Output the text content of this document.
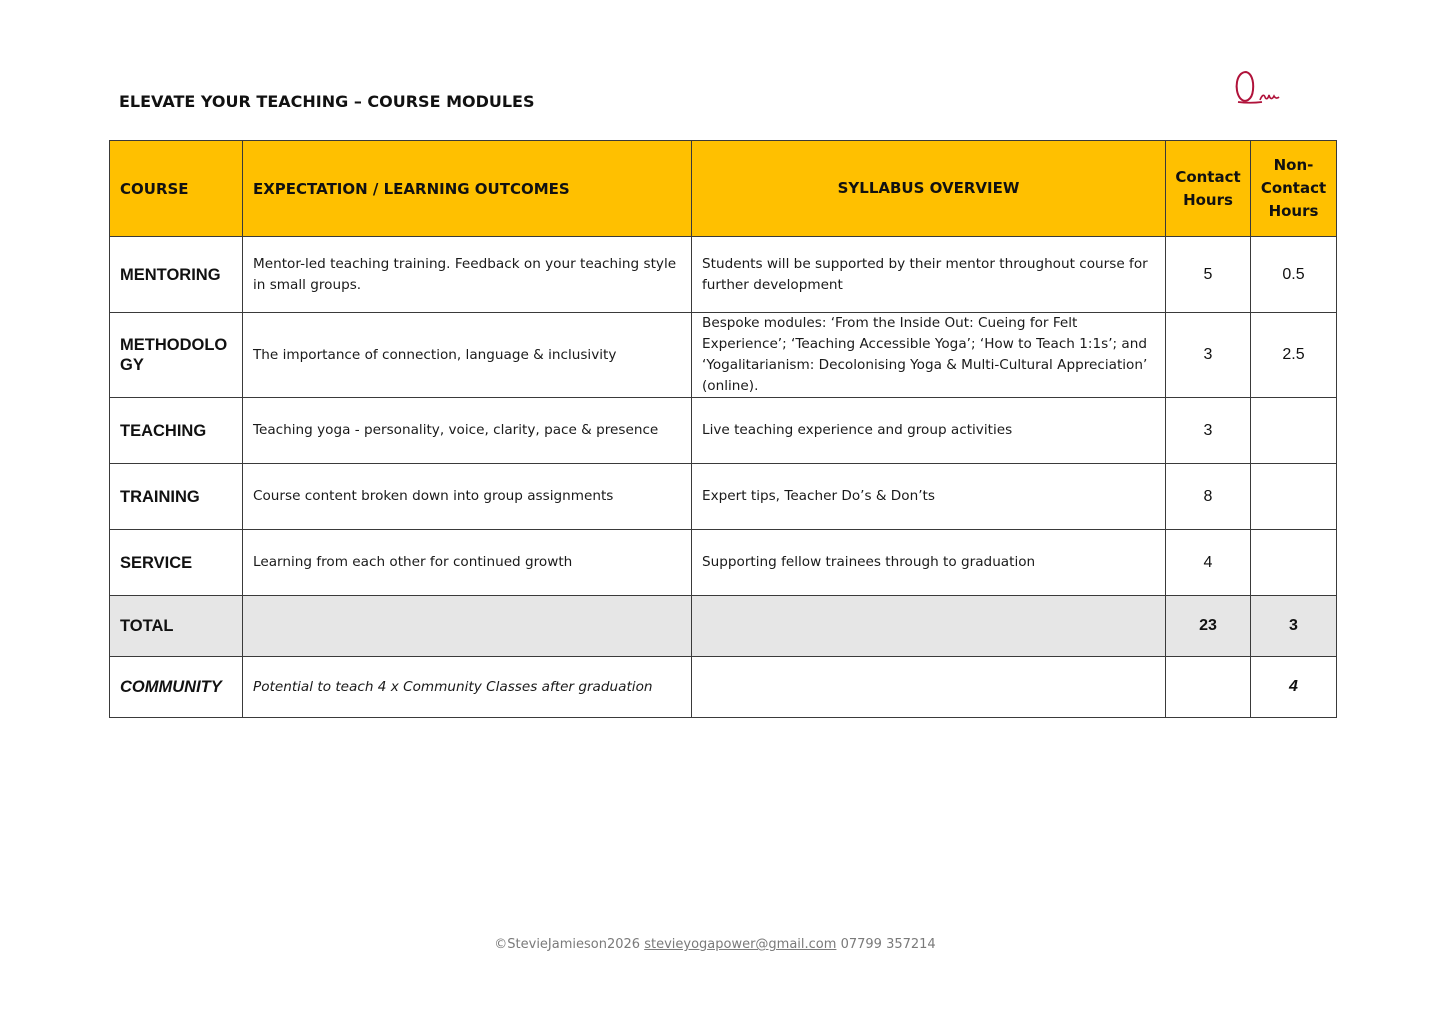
ELEVATE YOUR TEACHING – COURSE MODULES
COURSE	EXPECTATION / LEARNING OUTCOMES	SYLLABUS OVERVIEW	Contact Hours	Non-Contact Hours
MENTORING	Mentor-led teaching training. Feedback on your teaching style in small groups.	Students will be supported by their mentor throughout course for further development	5	0.5
METHODOLOGY	The importance of connection, language & inclusivity	Bespoke modules: ‘From the Inside Out: Cueing for Felt Experience’; ‘Teaching Accessible Yoga’; ‘How to Teach 1:1s’; and ‘Yogalitarianism: Decolonising Yoga & Multi-Cultural Appreciation’ (online).	3	2.5
TEACHING	Teaching yoga - personality, voice, clarity, pace & presence	Live teaching experience and group activities	3	
TRAINING	Course content broken down into group assignments	Expert tips, Teacher Do’s & Don’ts	8	
SERVICE	Learning from each other for continued growth	Supporting fellow trainees through to graduation	4	
TOTAL			23	3
COMMUNITY	Potential to teach 4 x Community Classes after graduation			4
©StevieJamieson2026 stevieyogapower@gmail.com 07799 357214
